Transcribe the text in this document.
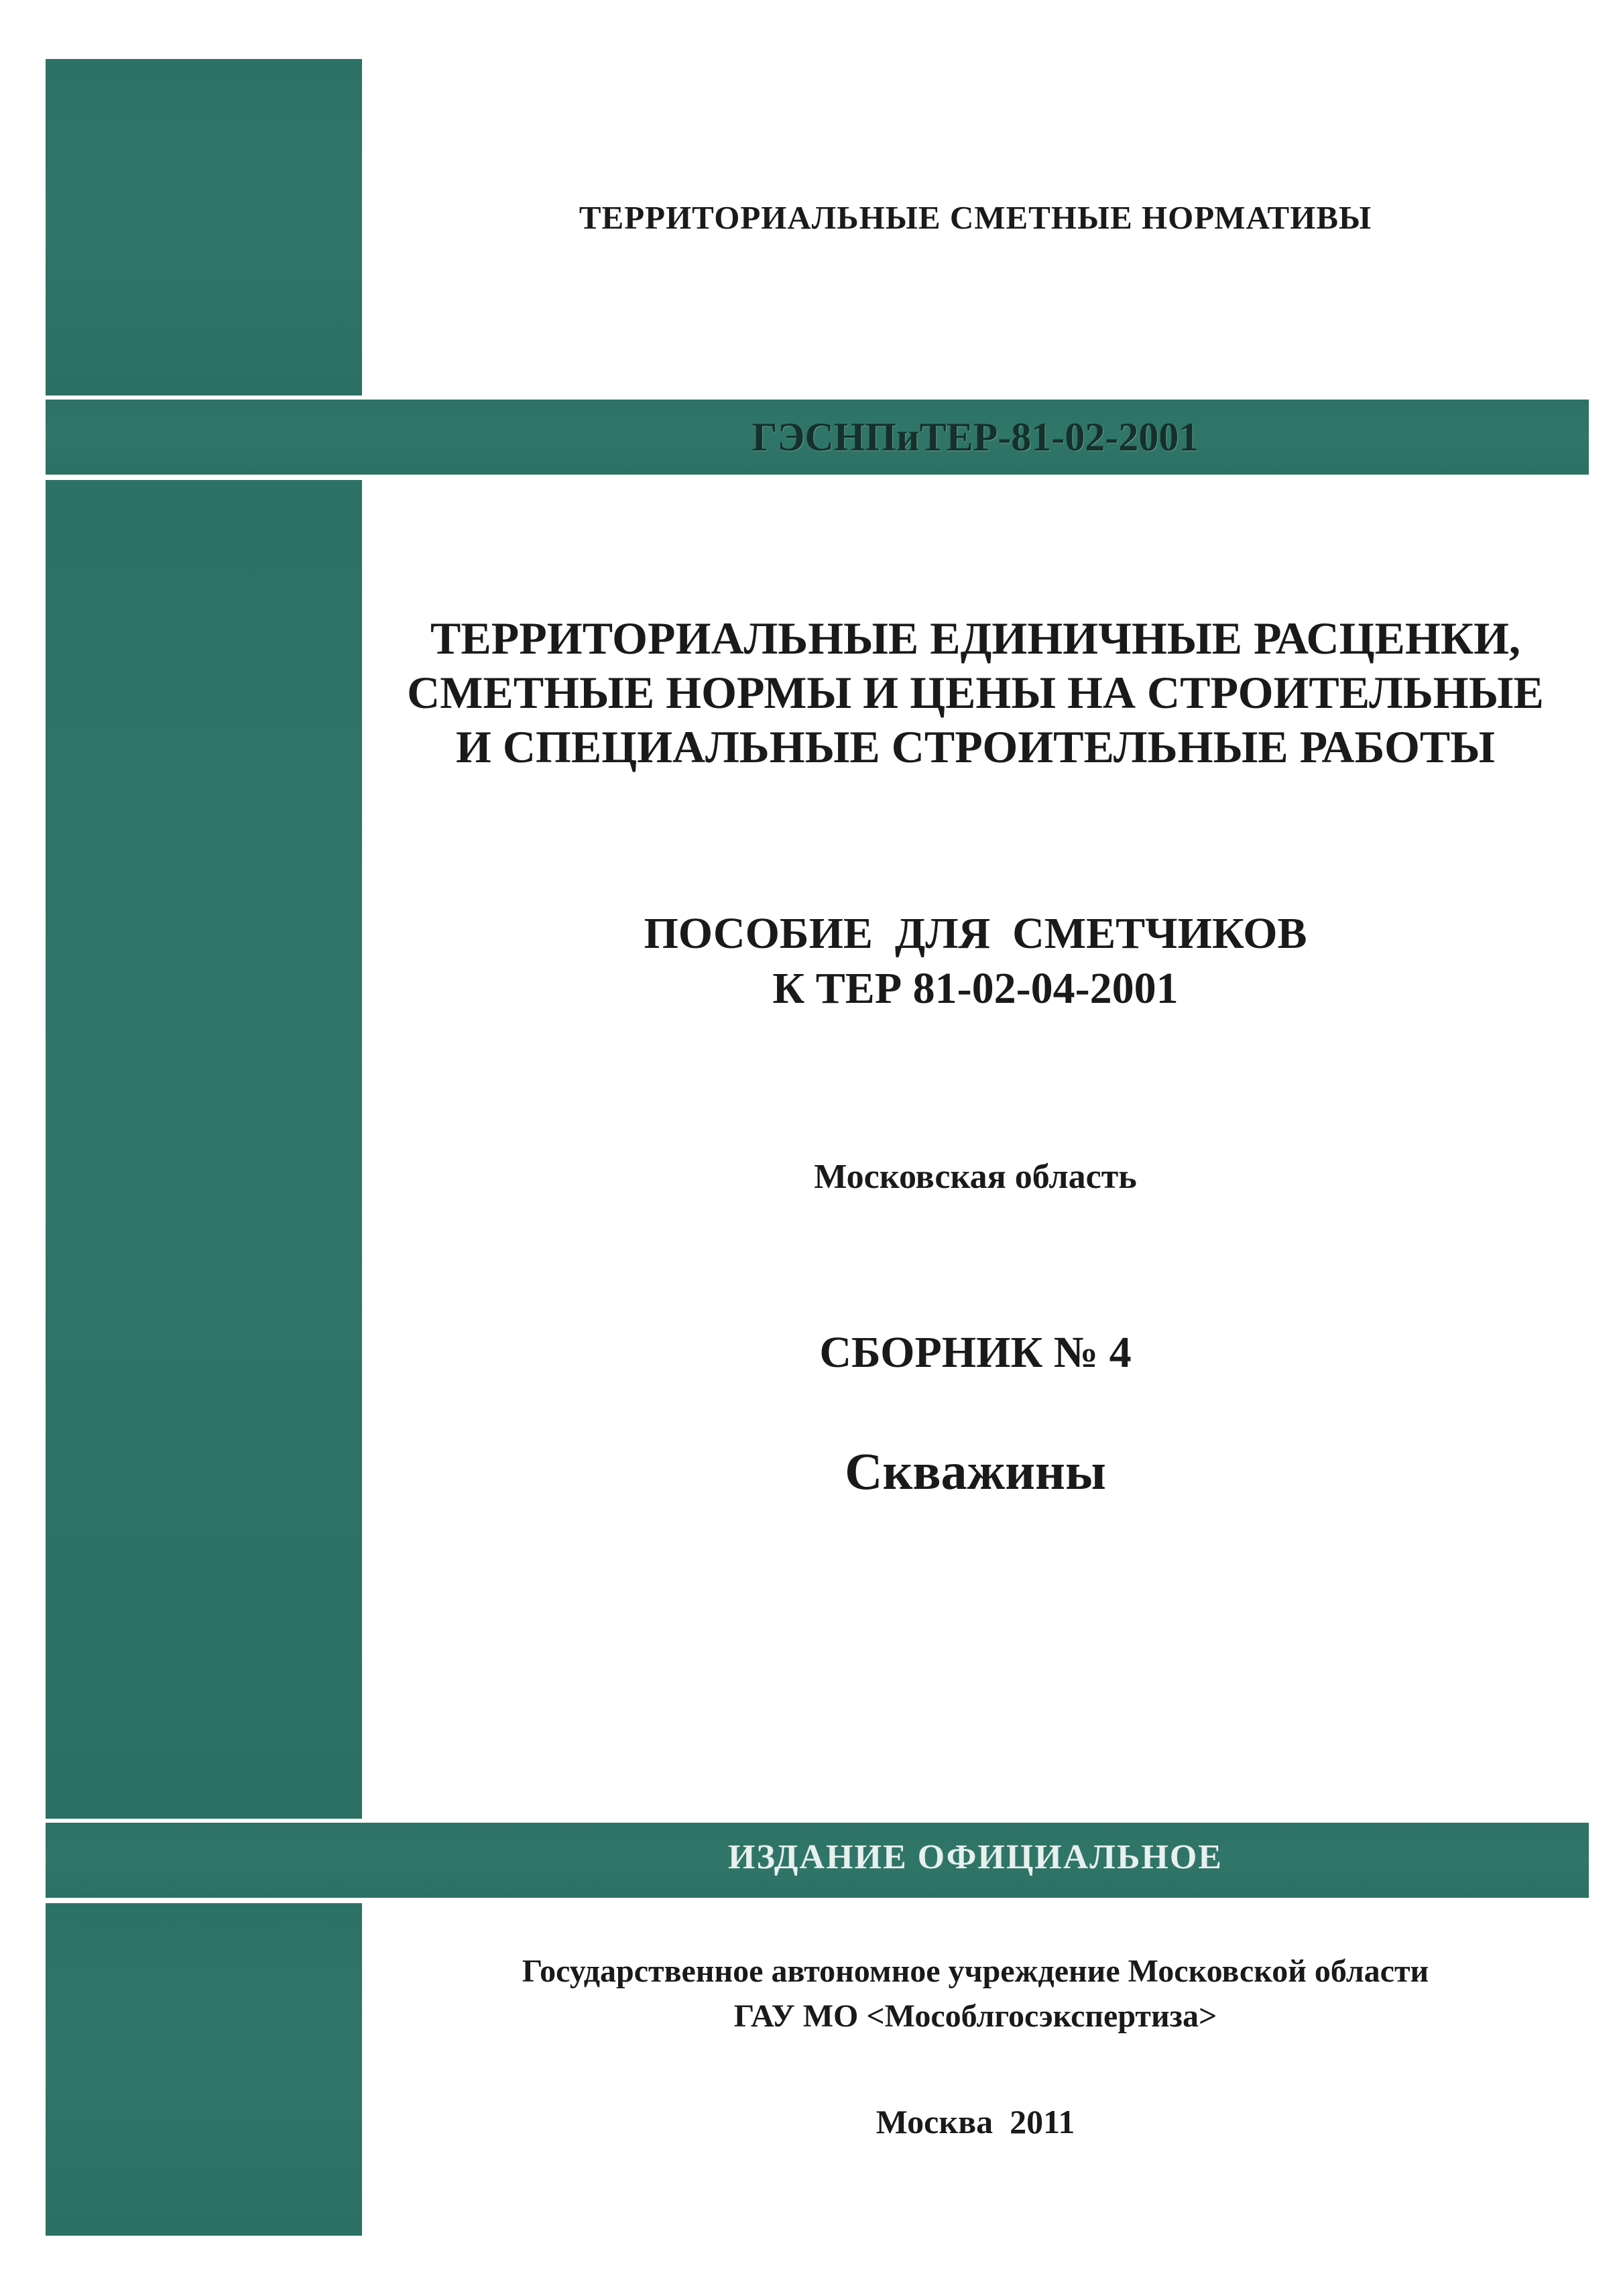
ТЕРРИТОРИАЛЬНЫЕ СМЕТНЫЕ НОРМАТИВЫ
ГЭСНПиТЕР-81-02-2001
ТЕРРИТОРИАЛЬНЫЕ ЕДИНИЧНЫЕ РАСЦЕНКИ,
СМЕТНЫЕ НОРМЫ И ЦЕНЫ НА СТРОИТЕЛЬНЫЕ
И СПЕЦИАЛЬНЫЕ СТРОИТЕЛЬНЫЕ РАБОТЫ
ПОСОБИЕ  ДЛЯ  СМЕТЧИКОВ
К ТЕР 81-02-04-2001
Московская область
СБОРНИК № 4
Скважины
ИЗДАНИЕ ОФИЦИАЛЬНОЕ
Государственное автономное учреждение Московской области
ГАУ МО <Мособлгосэкспертиза>
Москва  2011
